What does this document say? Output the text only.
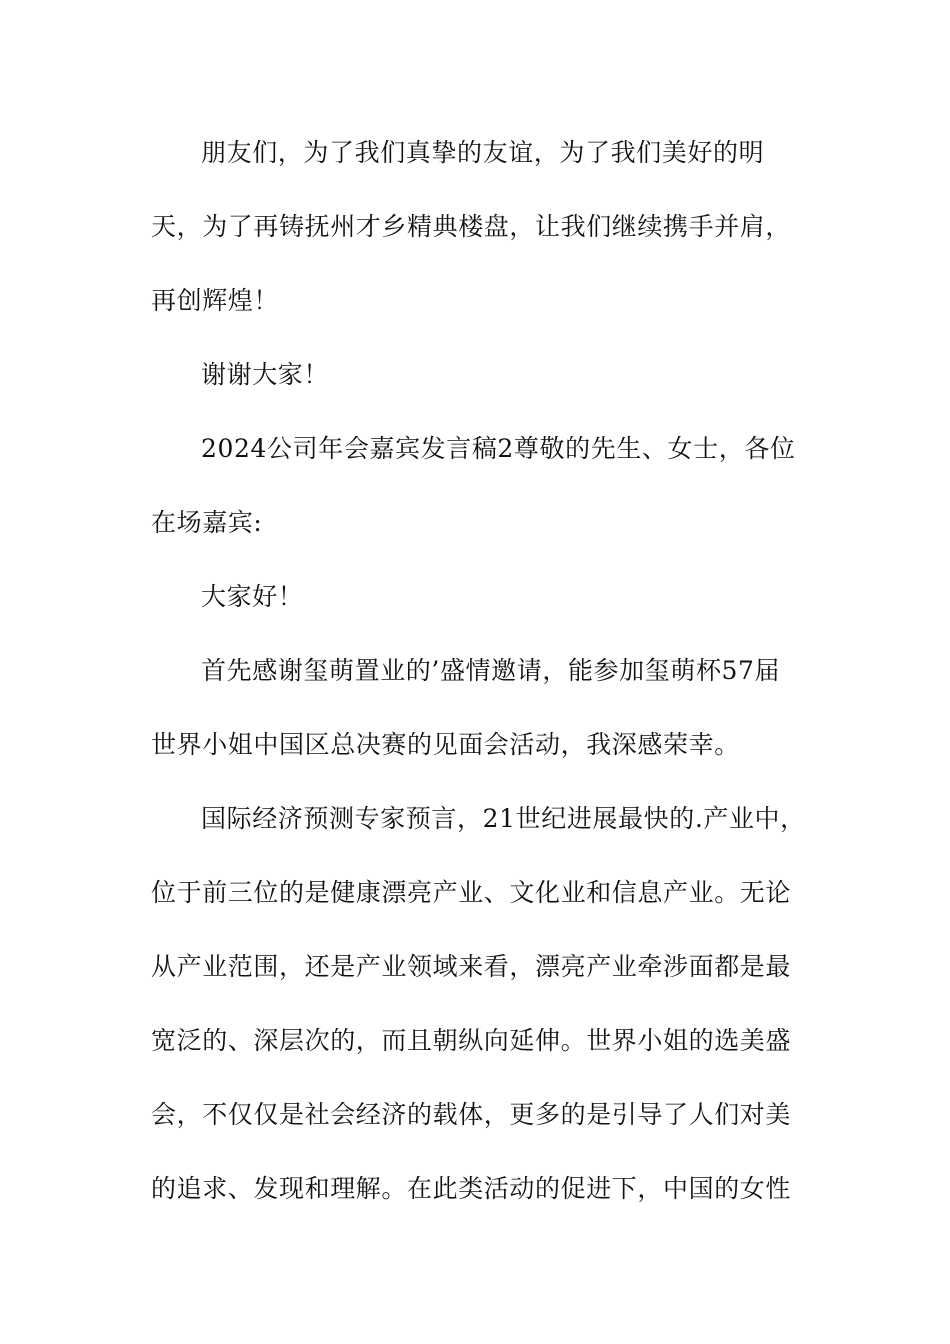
朋友们，为了我们真挚的友谊，为了我们美好的明
天，为了再铸抚州才乡精典楼盘，让我们继续携手并肩，
再创辉煌！
谢谢大家！
2024公司年会嘉宾发言稿2尊敬的先生、女士，各位
在场嘉宾:
大家好！
首先感谢玺萌置业的’盛情邀请，能参加玺萌杯57届
世界小姐中国区总决赛的见面会活动，我深感荣幸。
国际经济预测专家预言，21世纪进展最快的.产业中，
位于前三位的是健康漂亮产业、文化业和信息产业。无论
从产业范围，还是产业领域来看，漂亮产业牵涉面都是最
宽泛的、深层次的，而且朝纵向延伸。世界小姐的选美盛
会，不仅仅是社会经济的载体，更多的是引导了人们对美
的追求、发现和理解。在此类活动的促进下，中国的女性
